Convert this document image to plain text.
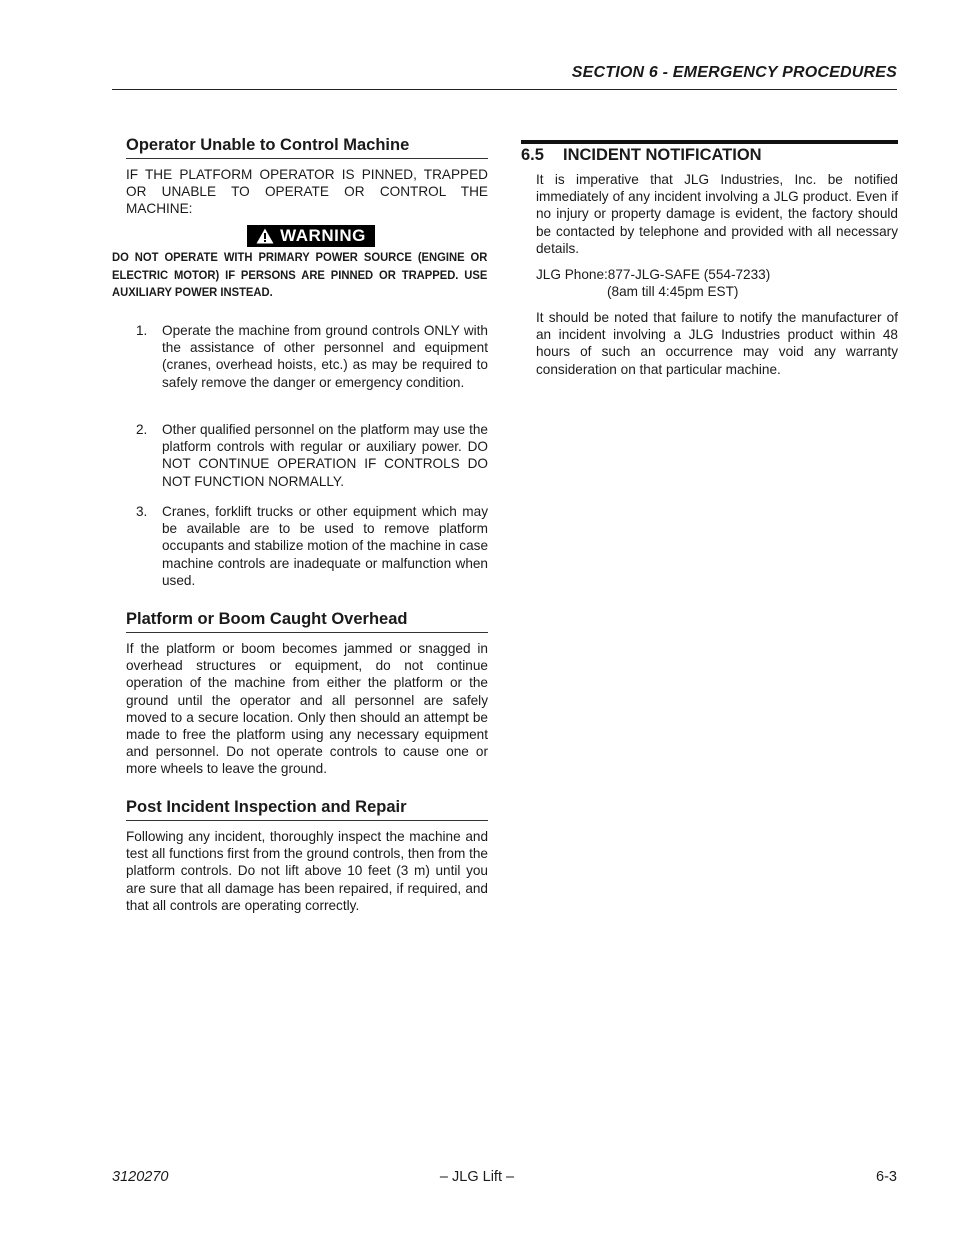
SECTION 6 - EMERGENCY PROCEDURES
Operator Unable to Control Machine
IF THE PLATFORM OPERATOR IS PINNED, TRAPPED OR UNABLE TO OPERATE OR CONTROL THE MACHINE:
WARNING
DO NOT OPERATE WITH PRIMARY POWER SOURCE (ENGINE OR ELECTRIC MOTOR) IF PERSONS ARE PINNED OR TRAPPED. USE AUXILIARY POWER INSTEAD.
1. Operate the machine from ground controls ONLY with the assistance of other personnel and equipment (cranes, overhead hoists, etc.) as may be required to safely remove the danger or emergency condition.
2. Other qualified personnel on the platform may use the platform controls with regular or auxiliary power. DO NOT CONTINUE OPERATION IF CONTROLS DO NOT FUNCTION NORMALLY.
3. Cranes, forklift trucks or other equipment which may be available are to be used to remove platform occupants and stabilize motion of the machine in case machine controls are inadequate or malfunction when used.
Platform or Boom Caught Overhead
If the platform or boom becomes jammed or snagged in overhead structures or equipment, do not continue operation of the machine from either the platform or the ground until the operator and all personnel are safely moved to a secure location. Only then should an attempt be made to free the platform using any necessary equipment and personnel. Do not operate controls to cause one or more wheels to leave the ground.
Post Incident Inspection and Repair
Following any incident, thoroughly inspect the machine and test all functions first from the ground controls, then from the platform controls. Do not lift above 10 feet (3 m) until you are sure that all damage has been repaired, if required, and that all controls are operating correctly.
6.5 INCIDENT NOTIFICATION
It is imperative that JLG Industries, Inc. be notified immediately of any incident involving a JLG product. Even if no injury or property damage is evident, the factory should be contacted by telephone and provided with all necessary details.
JLG Phone:877-JLG-SAFE (554-7233)
(8am till 4:45pm EST)
It should be noted that failure to notify the manufacturer of an incident involving a JLG Industries product within 48 hours of such an occurrence may void any warranty consideration on that particular machine.
3120270	– JLG Lift –	6-3
